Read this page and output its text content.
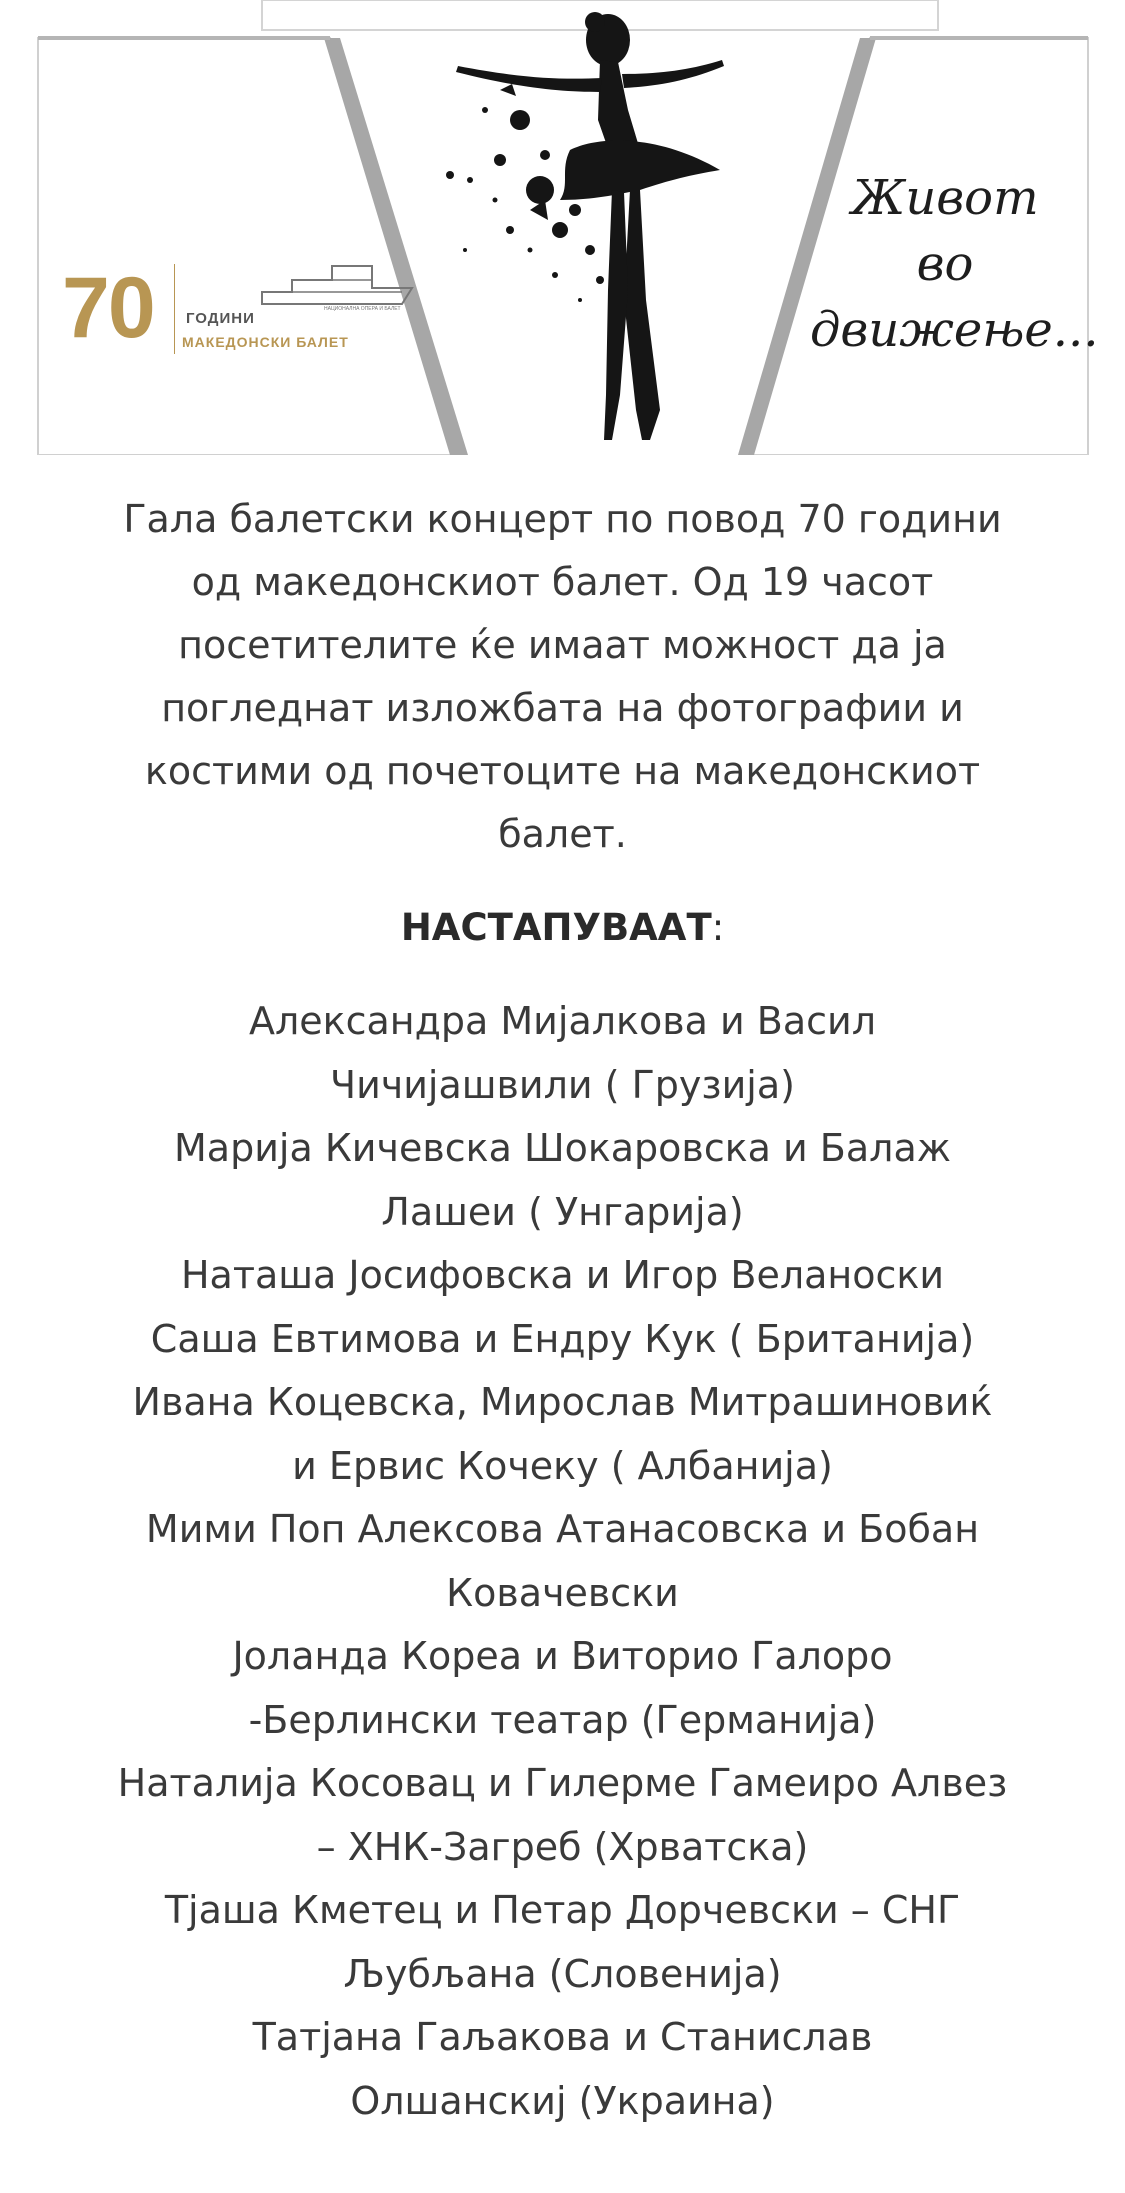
70 ГОДИНИ
МАКЕДОНСКИ БАЛЕТ
НАЦИОНАЛНА ОПЕРА И БАЛЕТ
Живот
во
движење...
Гала балетски концерт по повод 70 години
од македонскиот балет. Од 19 часот
посетителите ќе имаат можност да ја
погледнат изложбата на фотографии и
костими од почетоците на македонскиот
балет.
НАСТАПУВААТ:
Александра Мијалкова и Васил
Чичијашвили ( Грузија)
Марија Кичевска Шокаровска и Балаж
Лашеи ( Унгарија)
Наташа Јосифовска и Игор Веланоски
Саша Евтимова и Ендру Кук ( Британија)
Ивана Коцевска, Мирослав Митрашиновиќ
и Ервис Кочеку ( Албанија)
Мими Поп Алексова Атанасовска и Бобан
Ковачевски
Јоланда Кореа и Виторио Галоро
-Берлински театар (Германија)
Наталија Косовац и Гилерме Гамеиро Алвез
– ХНК-Загреб (Хрватска)
Тјаша Кметец и Петар Дорчевски – СНГ
Љубљана (Словенија)
Татјана Гаљакова и Станислав
Олшанскиј (Украина)
